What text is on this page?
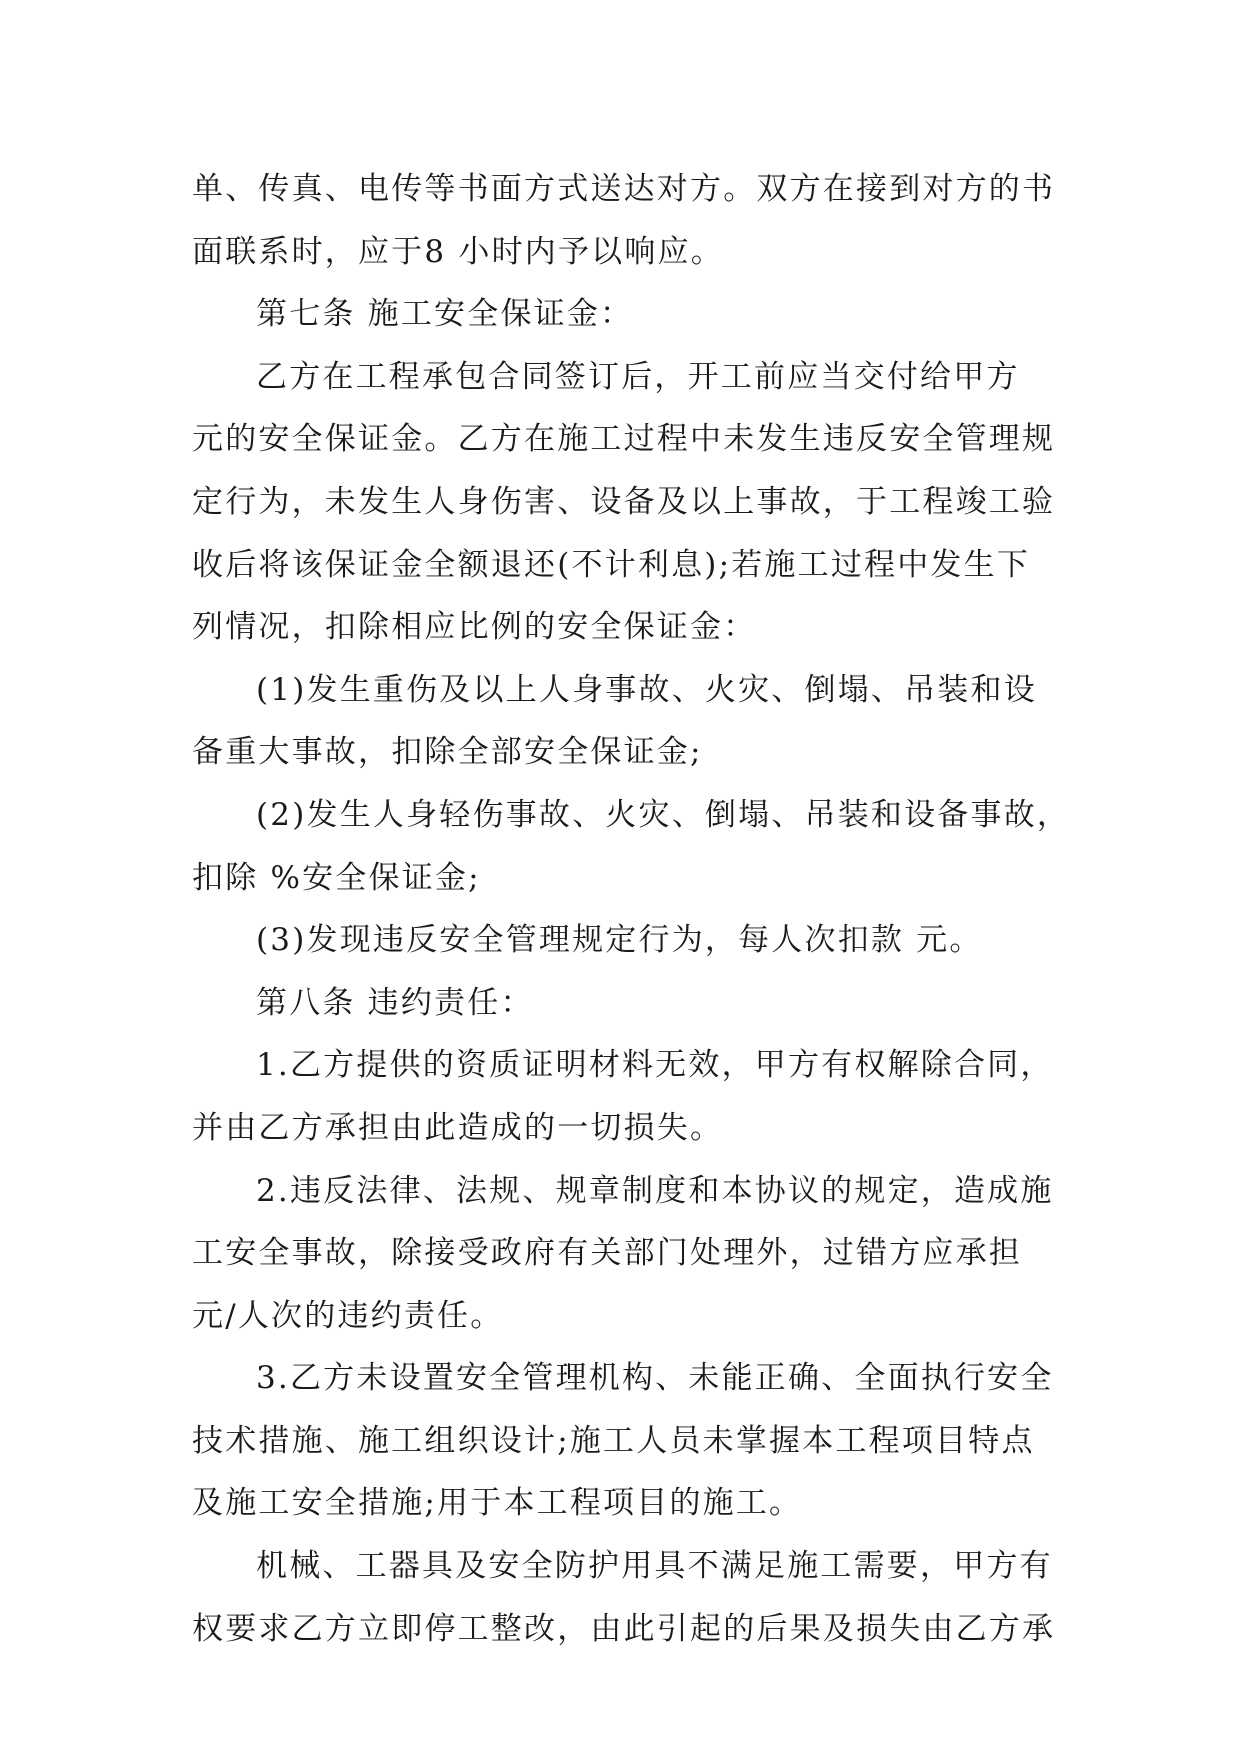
单、传真、电传等书面方式送达对方。双方在接到对方的书
面联系时，应于8 小时内予以响应。
第七条 施工安全保证金：
乙方在工程承包合同签订后，开工前应当交付给甲方
元的安全保证金。乙方在施工过程中未发生违反安全管理规
定行为，未发生人身伤害、设备及以上事故，于工程竣工验
收后将该保证金全额退还(不计利息);若施工过程中发生下
列情况，扣除相应比例的安全保证金：
(1)发生重伤及以上人身事故、火灾、倒塌、吊装和设
备重大事故，扣除全部安全保证金;
(2)发生人身轻伤事故、火灾、倒塌、吊装和设备事故，
扣除 %安全保证金;
(3)发现违反安全管理规定行为，每人次扣款 元。
第八条 违约责任：
1.乙方提供的资质证明材料无效，甲方有权解除合同，
并由乙方承担由此造成的一切损失。
2.违反法律、法规、规章制度和本协议的规定，造成施
工安全事故，除接受政府有关部门处理外，过错方应承担
元/人次的违约责任。
3.乙方未设置安全管理机构、未能正确、全面执行安全
技术措施、施工组织设计;施工人员未掌握本工程项目特点
及施工安全措施;用于本工程项目的施工。
机械、工器具及安全防护用具不满足施工需要，甲方有
权要求乙方立即停工整改，由此引起的后果及损失由乙方承
